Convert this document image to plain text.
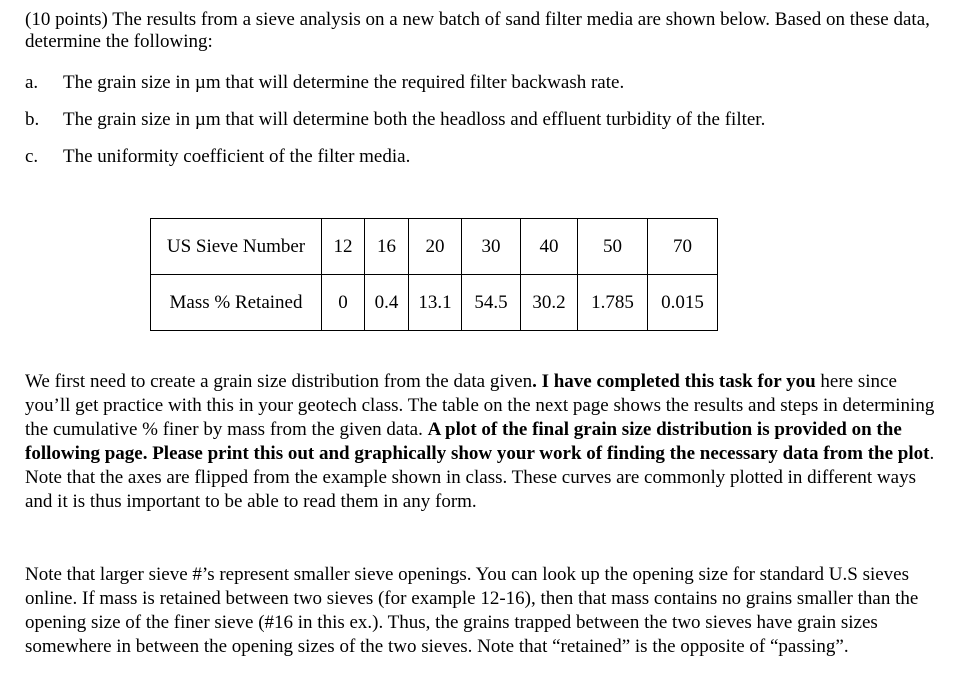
(10 points) The results from a sieve analysis on a new batch of sand filter media are shown below. Based on these data, determine the following:
a. The grain size in µm that will determine the required filter backwash rate.
b. The grain size in µm that will determine both the headloss and effluent turbidity of the filter.
c. The uniformity coefficient of the filter media.
US Sieve Number	12	16	20	30	40	50	70
Mass % Retained	0	0.4	13.1	54.5	30.2	1.785	0.015
We first need to create a grain size distribution from the data given. I have completed this task for you here since you’ll get practice with this in your geotech class. The table on the next page shows the results and steps in determining the cumulative % finer by mass from the given data. A plot of the final grain size distribution is provided on the following page. Please print this out and graphically show your work of finding the necessary data from the plot. Note that the axes are flipped from the example shown in class. These curves are commonly plotted in different ways and it is thus important to be able to read them in any form.
Note that larger sieve #’s represent smaller sieve openings. You can look up the opening size for standard U.S sieves online. If mass is retained between two sieves (for example 12-16), then that mass contains no grains smaller than the opening size of the finer sieve (#16 in this ex.). Thus, the grains trapped between the two sieves have grain sizes somewhere in between the opening sizes of the two sieves. Note that “retained” is the opposite of “passing”.
